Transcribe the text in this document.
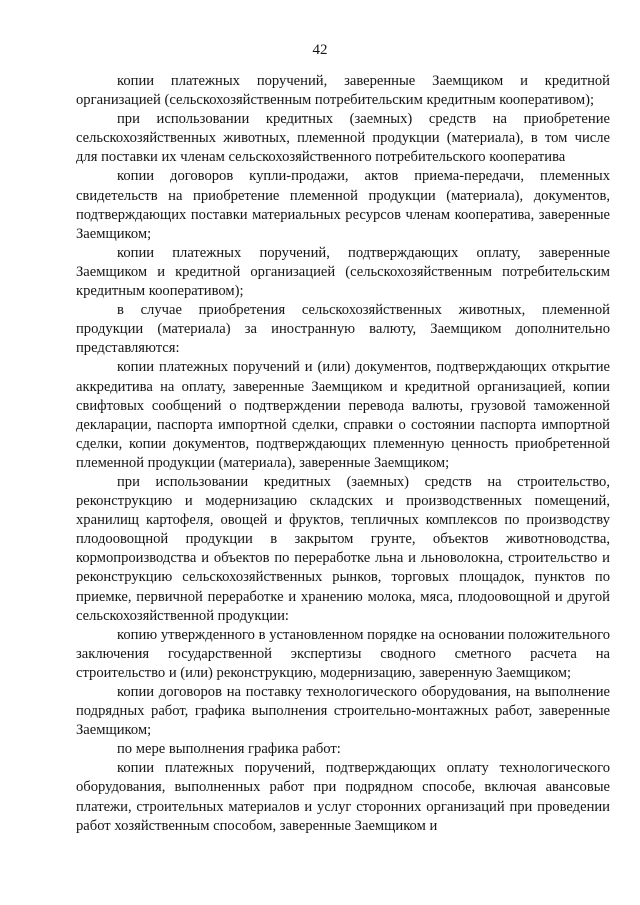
42

копии платежных поручений, заверенные Заемщиком и кредитной организацией (сельскохозяйственным потребительским кредитным кооперативом);

при использовании кредитных (заемных) средств на приобретение сельскохозяйственных животных, племенной продукции (материала), в том числе для поставки их членам сельскохозяйственного потребительского кооператива

копии договоров купли-продажи, актов приема-передачи, племенных свидетельств на приобретение племенной продукции (материала), документов, подтверждающих поставки материальных ресурсов членам кооператива, заверенные Заемщиком;

копии платежных поручений, подтверждающих оплату, заверенные Заемщиком и кредитной организацией (сельскохозяйственным потребительским кредитным кооперативом);

в случае приобретения сельскохозяйственных животных, племенной продукции (материала) за иностранную валюту, Заемщиком дополнительно представляются:

копии платежных поручений и (или) документов, подтверждающих открытие аккредитива на оплату, заверенные Заемщиком и кредитной организацией, копии свифтовых сообщений о подтверждении перевода валюты, грузовой таможенной декларации, паспорта импортной сделки, справки о состоянии паспорта импортной сделки, копии документов, подтверждающих племенную ценность приобретенной племенной продукции (материала), заверенные Заемщиком;

при использовании кредитных (заемных) средств на строительство, реконструкцию и модернизацию складских и производственных помещений, хранилищ картофеля, овощей и фруктов, тепличных комплексов по производству плодоовощной продукции в закрытом грунте, объектов животноводства, кормопроизводства и объектов по переработке льна и льноволокна, строительство и реконструкцию сельскохозяйственных рынков, торговых площадок, пунктов по приемке, первичной переработке и хранению молока, мяса, плодоовощной и другой сельскохозяйственной продукции:

копию утвержденного в установленном порядке на основании положительного заключения государственной экспертизы сводного сметного расчета на строительство и (или) реконструкцию, модернизацию, заверенную Заемщиком;

копии договоров на поставку технологического оборудования, на выполнение подрядных работ, графика выполнения строительно-монтажных работ, заверенные Заемщиком;

по мере выполнения графика работ:

копии платежных поручений, подтверждающих оплату технологического оборудования, выполненных работ при подрядном способе, включая авансовые платежи, строительных материалов и услуг сторонних организаций при проведении работ хозяйственным способом, заверенные Заемщиком и
